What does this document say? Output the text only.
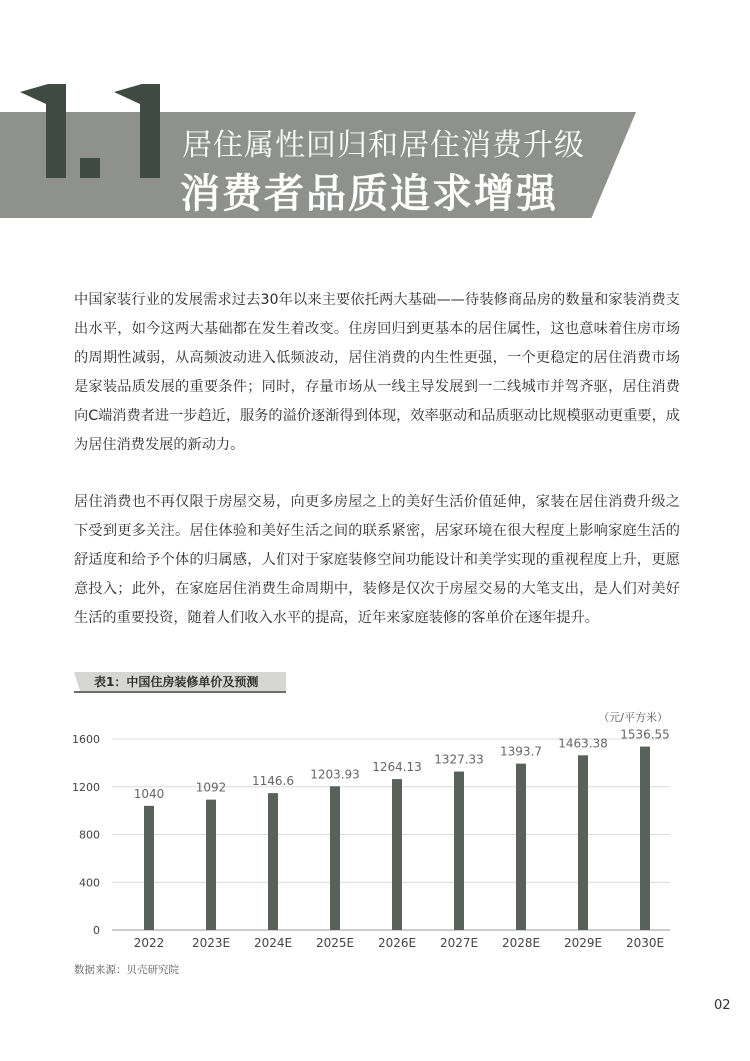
居住属性回归和居住消费升级
消费者品质追求增强

中国家装行业的发展需求过去30年以来主要依托两大基础——待装修商品房的数量和家装消费支出水平，如今这两大基础都在发生着改变。住房回归到更基本的居住属性，这也意味着住房市场的周期性减弱，从高频波动进入低频波动，居住消费的内生性更强，一个更稳定的居住消费市场是家装品质发展的重要条件；同时，存量市场从一线主导发展到一二线城市并驾齐驱，居住消费向C端消费者进一步趋近，服务的溢价逐渐得到体现，效率驱动和品质驱动比规模驱动更重要，成为居住消费发展的新动力。

居住消费也不再仅限于房屋交易，向更多房屋之上的美好生活价值延伸，家装在居住消费升级之下受到更多关注。居住体验和美好生活之间的联系紧密，居家环境在很大程度上影响家庭生活的舒适度和给予个体的归属感，人们对于家庭装修空间功能设计和美学实现的重视程度上升，更愿意投入；此外，在家庭居住消费生命周期中，装修是仅次于房屋交易的大笔支出，是人们对美好生活的重要投资，随着人们收入水平的提高，近年来家庭装修的客单价在逐年提升。

表1：中国住房装修单价及预测
（元/平方米）
0
400
800
1200
1600
1040
2022
1092
2023E
1146.6
2024E
1203.93
2025E
1264.13
2026E
1327.33
2027E
1393.7
2028E
1463.38
2029E
1536.55
2030E
数据来源：贝壳研究院
02
